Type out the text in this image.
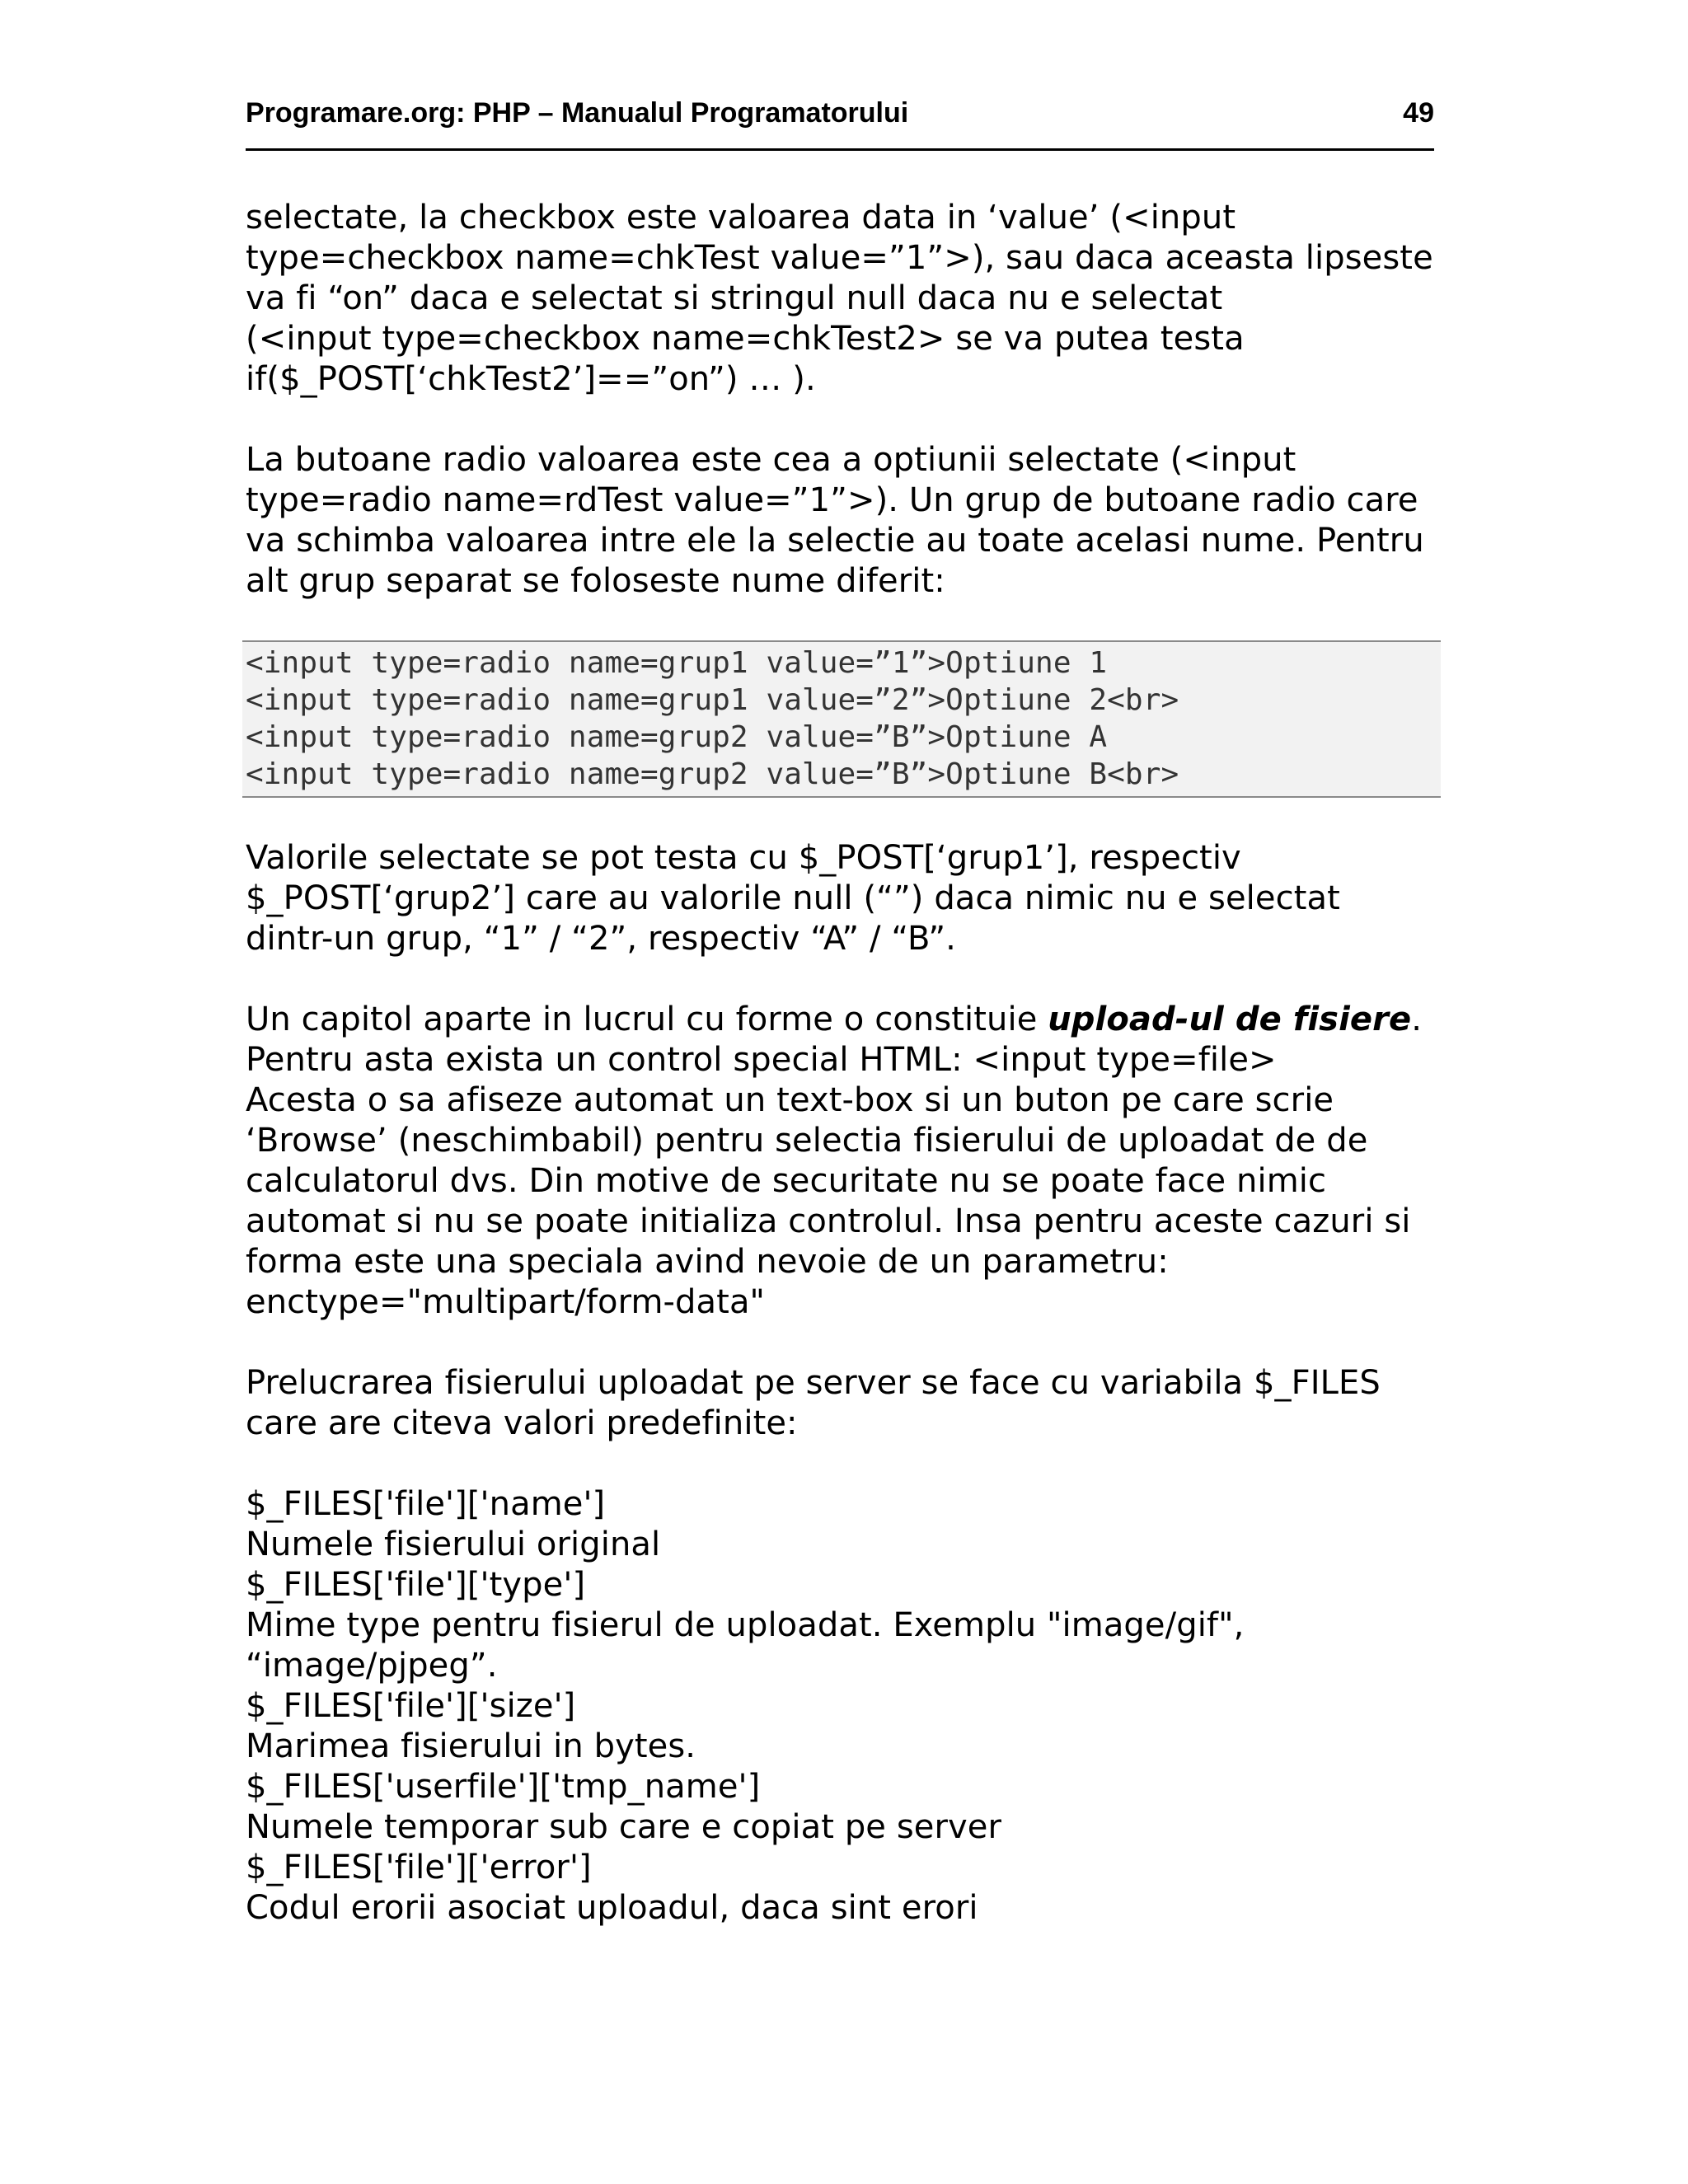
Programare.org: PHP – Manualul Programatorului	49

selectate, la checkbox este valoarea data in ‘value’ (<input
type=checkbox name=chkTest value=”1”>), sau daca aceasta lipseste
va fi “on” daca e selectat si stringul null daca nu e selectat
(<input type=checkbox name=chkTest2> se va putea testa
if($_POST[‘chkTest2’]==”on”) … ).

La butoane radio valoarea este cea a optiunii selectate (<input
type=radio name=rdTest value=”1”>). Un grup de butoane radio care
va schimba valoarea intre ele la selectie au toate acelasi nume. Pentru
alt grup separat se foloseste nume diferit:

<input type=radio name=grup1 value=”1”>Optiune 1
<input type=radio name=grup1 value=”2”>Optiune 2<br>
<input type=radio name=grup2 value=”B”>Optiune A
<input type=radio name=grup2 value=”B”>Optiune B<br>

Valorile selectate se pot testa cu $_POST[‘grup1’], respectiv
$_POST[‘grup2’] care au valorile null (“”) daca nimic nu e selectat
dintr-un grup, “1” / “2”, respectiv “A” / “B”.

Un capitol aparte in lucrul cu forme o constituie upload-ul de fisiere.
Pentru asta exista un control special HTML: <input type=file>
Acesta o sa afiseze automat un text-box si un buton pe care scrie
‘Browse’ (neschimbabil) pentru selectia fisierului de uploadat de de
calculatorul dvs. Din motive de securitate nu se poate face nimic
automat si nu se poate initializa controlul. Insa pentru aceste cazuri si
forma este una speciala avind nevoie de un parametru:
enctype="multipart/form-data"

Prelucrarea fisierului uploadat pe server se face cu variabila $_FILES
care are citeva valori predefinite:

$_FILES['file']['name']

Numele fisierului original

$_FILES['file']['type']

Mime type pentru fisierul de uploadat. Exemplu "image/gif",

“image/pjpeg”.

$_FILES['file']['size']

Marimea fisierului in bytes.

$_FILES['userfile']['tmp_name']

Numele temporar sub care e copiat pe server

$_FILES['file']['error']

Codul erorii asociat uploadul, daca sint erori
